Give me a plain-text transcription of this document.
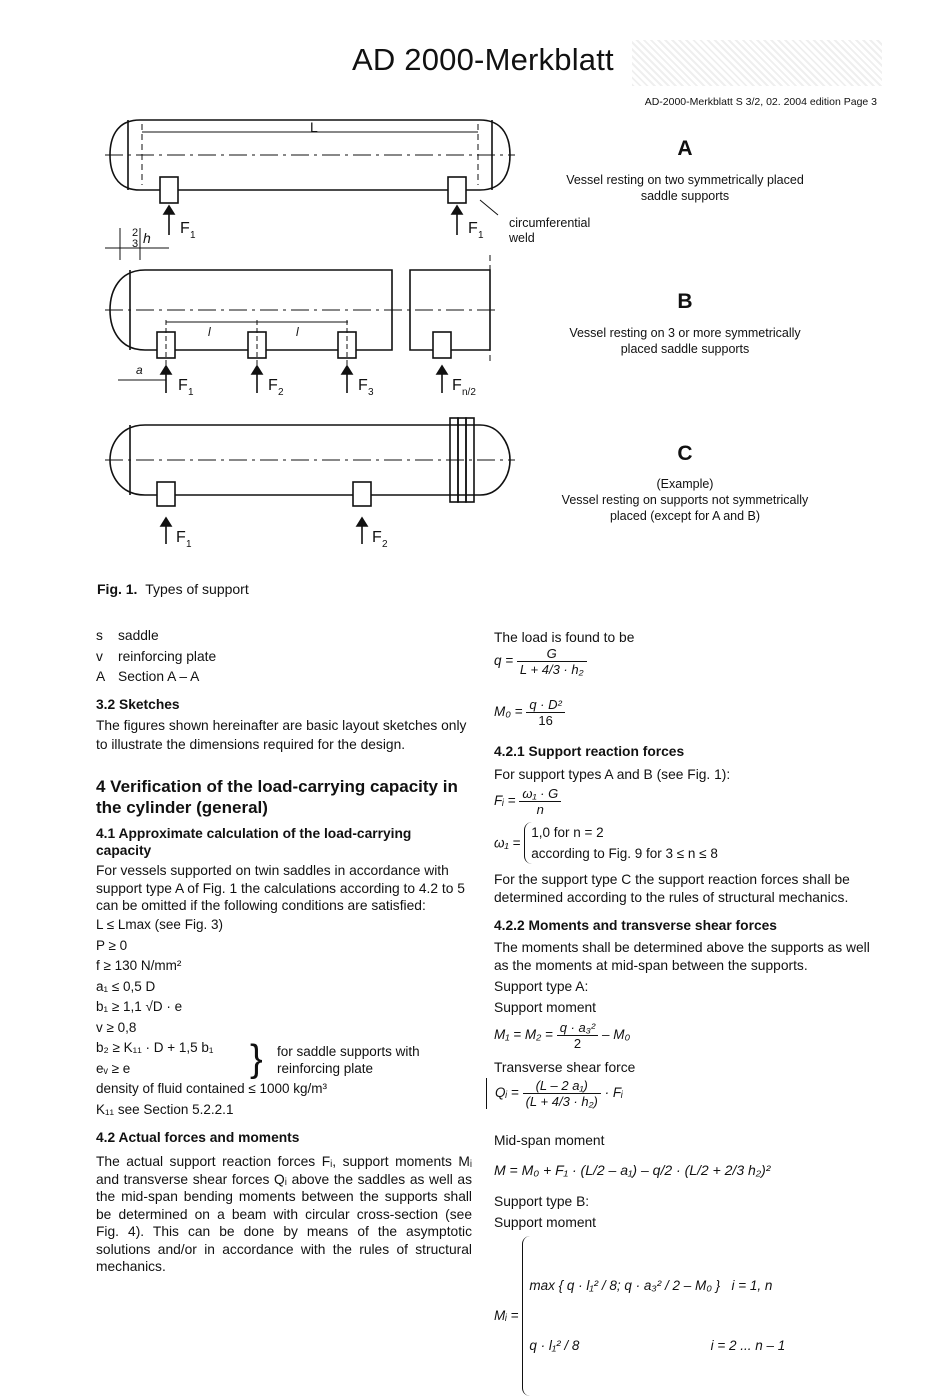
AD 2000-Merkblatt
AD-2000-Merkblatt S 3/2, 02. 2004 edition Page 3
L
2
3 h
F 1	F 1
l	l
a
F 1	F 2	F 3	F n/2
F 1	F 2
circumferential
weld
A
Vessel resting on two symmetrically placed saddle supports
B
Vessel resting on 3 or more symmetrically placed saddle supports
C
(Example)
Vessel resting on supports not symmetrically placed (except for A and B)
Fig. 1. Types of support
s saddle
v reinforcing plate
A Section A – A
3.2 Sketches
The figures shown hereinafter are basic layout sketches only to illustrate the dimensions required for the design.
4 Verification of the load-carrying capacity in the cylinder (general)
4.1 Approximate calculation of the load-carrying capacity
For vessels supported on twin saddles in accordance with support type A of Fig. 1 the calculations according to 4.2 to 5 can be omitted if the following conditions are satisfied:
L ≤ Lmax (see Fig. 3)
P ≥ 0
f ≥ 130 N/mm²
a₁ ≤ 0,5 D
b₁ ≥ 1,1 √D · e
v ≥ 0,8
b₂ ≥ K₁₁ · D + 1,5 b₁
eᵥ ≥ e
density of fluid contained ≤ 1000 kg/m³
K₁₁ see Section 5.2.2.1
} for saddle supports with
reinforcing plate
4.2 Actual forces and moments
The actual support reaction forces Fᵢ, support moments Mᵢ and transverse shear forces Qᵢ above the saddles as well as the mid-span bending moments between the supports shall be determined on a beam with circular cross-section (see Fig. 4). This can be done by means of the asymptotic solutions and/or in accordance with the rules of structural mechanics.
The load is found to be
$q = \frac{G}{\text{L + 4/3 · h₂}}$
$M_0 = \frac{\text{q · D²}}{16}$
4.2.1 Support reaction forces
For support types A and B (see Fig. 1):
Fᵢ = $\frac{\text{ω₁ · G}}{n}$
ω₁ =
1,0 for n = 2
according to Fig. 9 for 3 ≤ n ≤ 8
For the support type C the support reaction forces shall be determined according to the rules of structural mechanics.
4.2.2 Moments and transverse shear forces
The moments shall be determined above the supports as well as the moments at mid-span between the supports.
Support type A:
Support moment
$M_1 = M_2 = \frac{\text{q · a₃²}}{2} - M_0$
Transverse shear force
Qᵢ = $\frac{\text{(L – 2 a₁)}}{\text{(L + 4/3 · h₂)}}$ · Fᵢ
Mid-span moment
M = M₀ + F₁ · (L/2 – a₁) – q/2 · (L/2 + 2/3 h₂)²
Support type B:
Support moment
Mᵢ =

max { q · l₁² / 8; q · a₃² / 2 – M₀ }   i = 1, n

q · l₁² / 8                                   i = 2 ... n – 1
